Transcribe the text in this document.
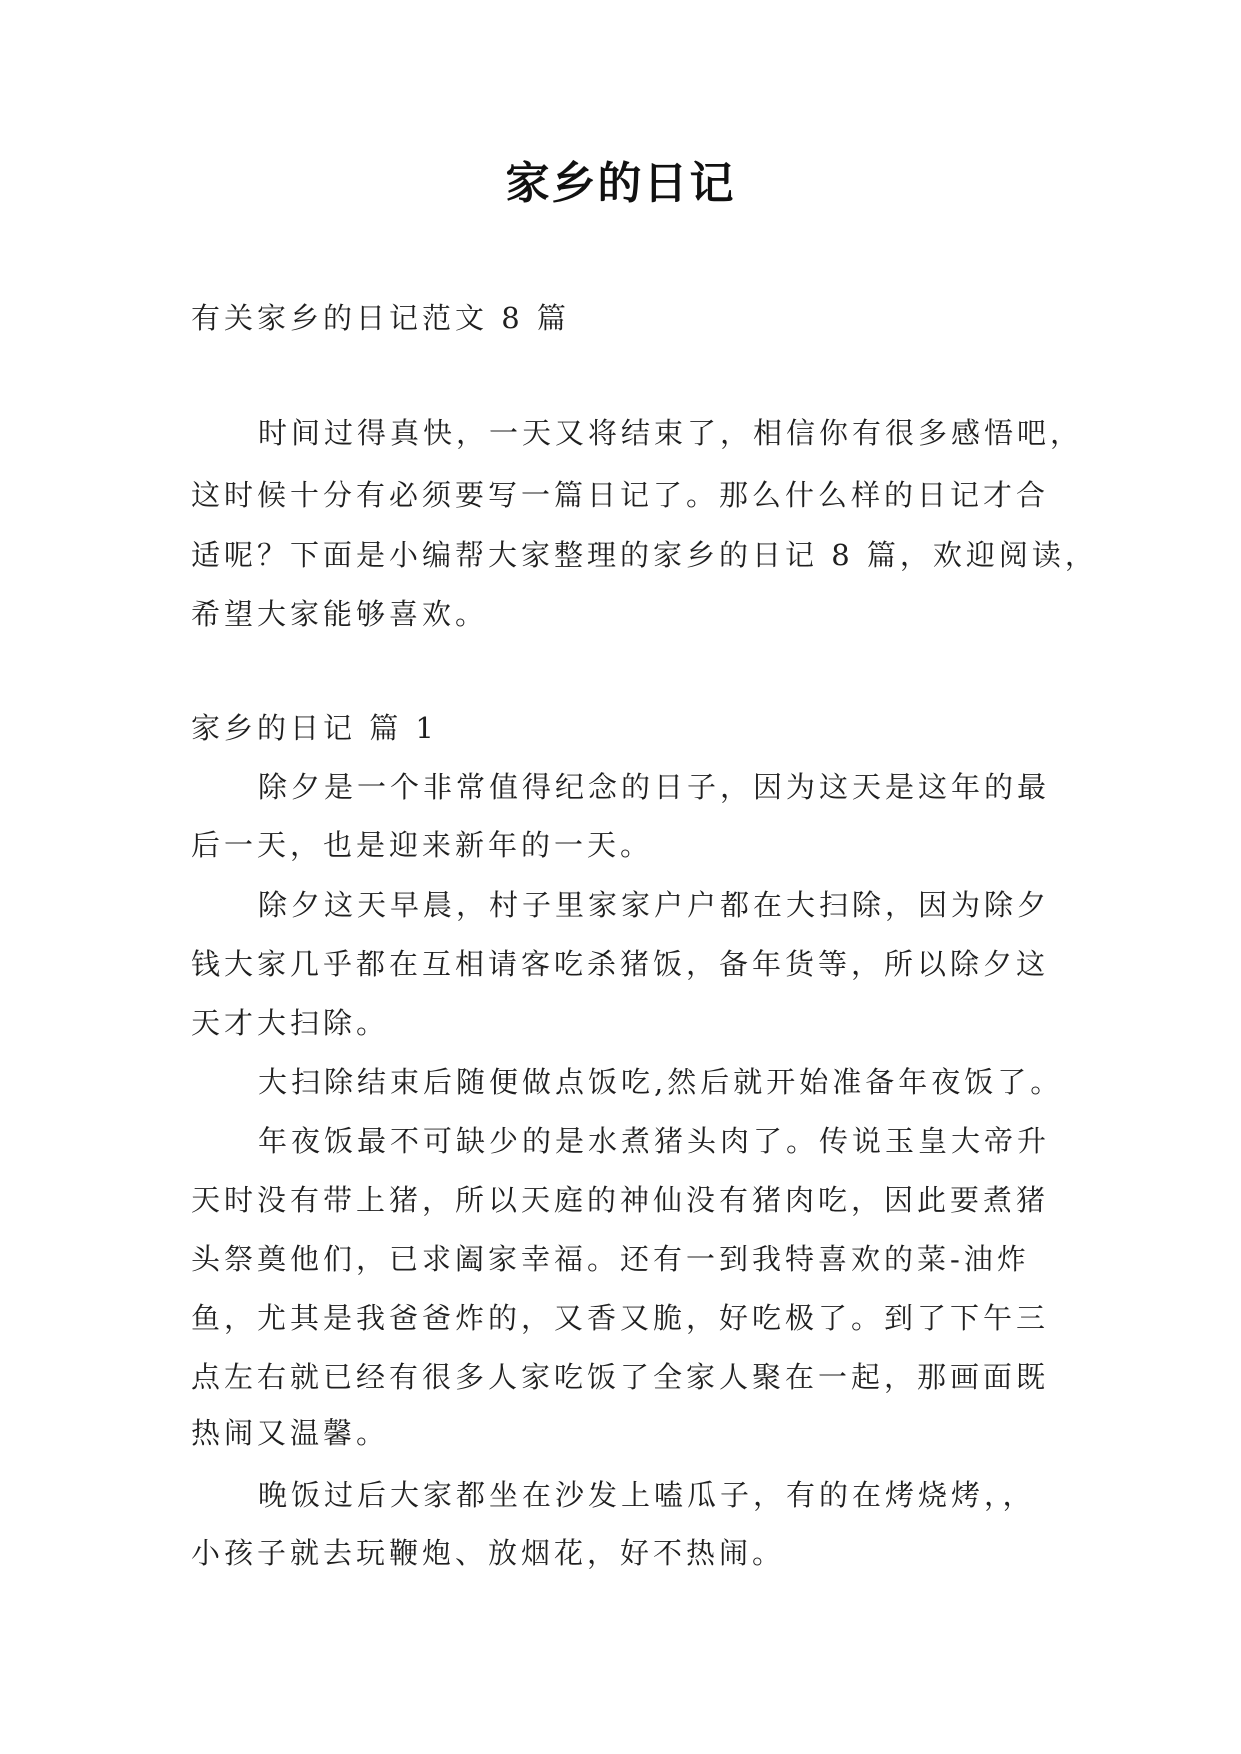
家乡的日记
有关家乡的日记范文 8 篇
时间过得真快，一天又将结束了，相信你有很多感悟吧，
这时候十分有必须要写一篇日记了。那么什么样的日记才合
适呢？下面是小编帮大家整理的家乡的日记 8 篇，欢迎阅读，
希望大家能够喜欢。
家乡的日记 篇 1
除夕是一个非常值得纪念的日子，因为这天是这年的最
后一天，也是迎来新年的一天。
除夕这天早晨，村子里家家户户都在大扫除，因为除夕
钱大家几乎都在互相请客吃杀猪饭，备年货等，所以除夕这
天才大扫除。
大扫除结束后随便做点饭吃,然后就开始准备年夜饭了。
年夜饭最不可缺少的是水煮猪头肉了。传说玉皇大帝升
天时没有带上猪，所以天庭的神仙没有猪肉吃，因此要煮猪
头祭奠他们，已求阖家幸福。还有一到我特喜欢的菜-油炸
鱼，尤其是我爸爸炸的，又香又脆，好吃极了。到了下午三
点左右就已经有很多人家吃饭了全家人聚在一起，那画面既
热闹又温馨。
晚饭过后大家都坐在沙发上嗑瓜子，有的在烤烧烤，，
小孩子就去玩鞭炮、放烟花，好不热闹。
